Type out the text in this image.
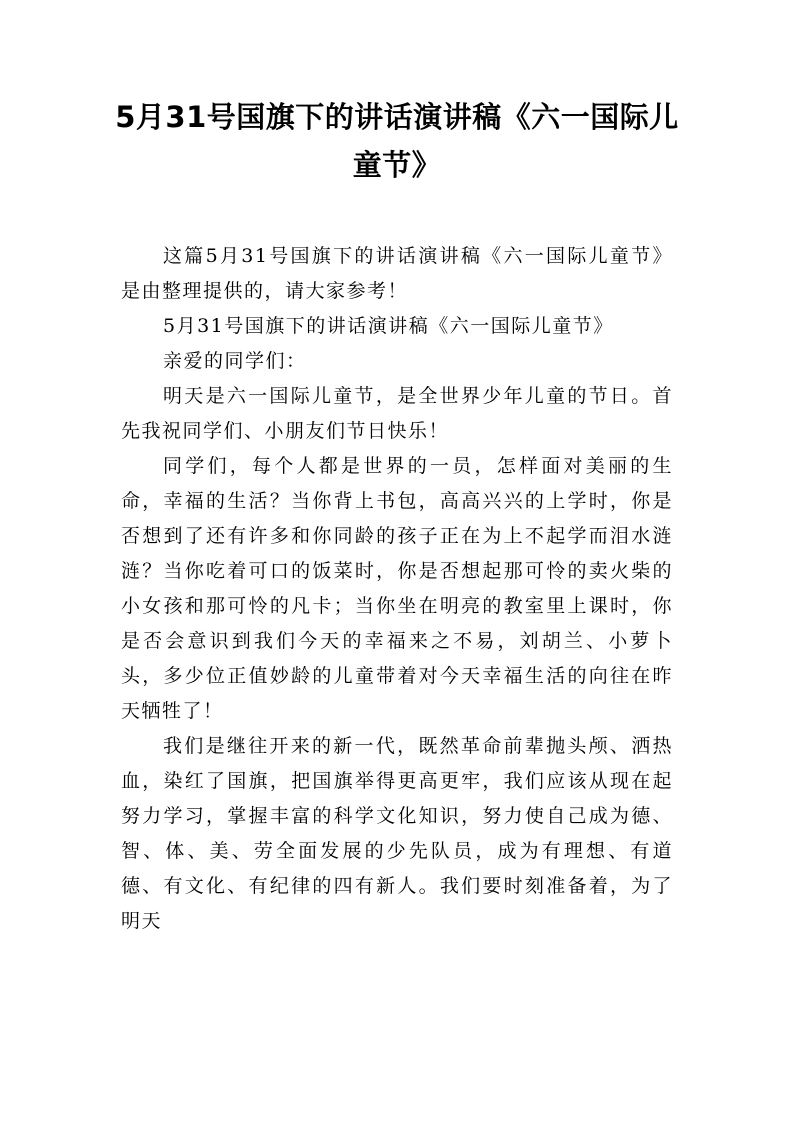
5月31号国旗下的讲话演讲稿《六一国际儿童节》

这篇5月31号国旗下的讲话演讲稿《六一国际儿童节》是由整理提供的，请大家参考！

5月31号国旗下的讲话演讲稿《六一国际儿童节》

亲爱的同学们：

明天是六一国际儿童节，是全世界少年儿童的节日。首先我祝同学们、小朋友们节日快乐！

同学们，每个人都是世界的一员，怎样面对美丽的生命，幸福的生活？当你背上书包，高高兴兴的上学时，你是否想到了还有许多和你同龄的孩子正在为上不起学而泪水涟涟？当你吃着可口的饭菜时，你是否想起那可怜的卖火柴的小女孩和那可怜的凡卡；当你坐在明亮的教室里上课时，你是否会意识到我们今天的幸福来之不易，刘胡兰、小萝卜头，多少位正值妙龄的儿童带着对今天幸福生活的向往在昨天牺牲了！

我们是继往开来的新一代，既然革命前辈抛头颅、洒热血，染红了国旗，把国旗举得更高更牢，我们应该从现在起努力学习，掌握丰富的科学文化知识，努力使自己成为德、智、体、美、劳全面发展的少先队员，成为有理想、有道德、有文化、有纪律的四有新人。我们要时刻准备着，为了明天
